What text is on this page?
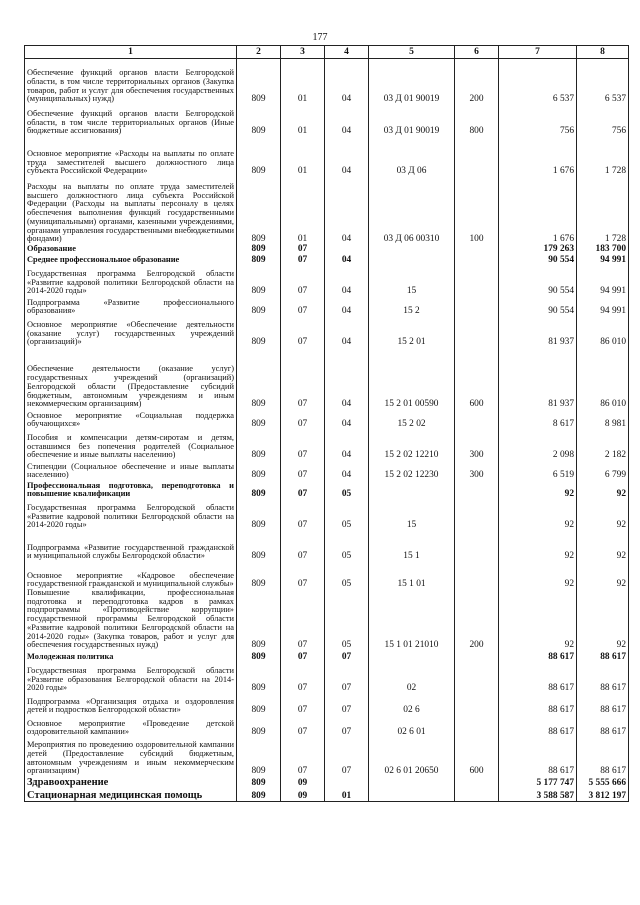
177
1	2	3	4	5	6	7	8
Обеспечение функций органов власти Белгородской области, в том числе территориальных органов (Закупка товаров, работ и услуг для обеспечения государственных (муниципальных) нужд)	809	01	04	03 Д 01 90019	200	6 537	6 537
Обеспечение функций органов власти Белгородской области, в том числе территориальных органов (Иные бюджетные ассигнования)	809	01	04	03 Д 01 90019	800	756	756
Основное мероприятие «Расходы на выплаты по оплате труда заместителей высшего должностного лица субъекта Российской Федерации»	809	01	04	03 Д 06		1 676	1 728
Расходы на выплаты по оплате труда заместителей высшего должностного лица субъекта Российской Федерации (Расходы на выплаты персоналу в целях обеспечения выполнения функций государственными (муниципальными) органами, казенными учреждениями, органами управления государственными внебюджетными фондами)	809	01	04	03 Д 06 00310	100	1 676	1 728
Образование	809	07				179 263	183 700
Среднее профессиональное образование	809	07	04			90 554	94 991
Государственная программа Белгородской области «Развитие кадровой политики Белгородской области на 2014-2020 годы»	809	07	04	15		90 554	94 991
Подпрограмма «Развитие профессионального образования»	809	07	04	15 2		90 554	94 991
Основное мероприятие «Обеспечение деятельности (оказание услуг) государственных учреждений (организаций)»	809	07	04	15 2 01		81 937	86 010
Обеспечение деятельности (оказание услуг) государственных учреждений (организаций) Белгородской области (Предоставление субсидий бюджетным, автономным учреждениям и иным некоммерческим организациям)	809	07	04	15 2 01 00590	600	81 937	86 010
Основное мероприятие «Социальная поддержка обучающихся»	809	07	04	15 2 02		8 617	8 981
Пособия и компенсации детям-сиротам и детям, оставшимся без попечения родителей (Социальное обеспечение и иные выплаты населению)	809	07	04	15 2 02 12210	300	2 098	2 182
Стипендии (Социальное обеспечение и иные выплаты населению)	809	07	04	15 2 02 12230	300	6 519	6 799
Профессиональная подготовка, переподготовка и повышение квалификации	809	07	05			92	92
Государственная программа Белгородской области «Развитие кадровой политики Белгородской области на 2014-2020 годы»	809	07	05	15		92	92
Подпрограмма «Развитие государственной гражданской и муниципальной службы Белгородской области»	809	07	05	15 1		92	92
Основное мероприятие «Кадровое обеспечение государственной гражданской и муниципальной службы»	809	07	05	15 1 01		92	92
Повышение квалификации, профессиональная подготовка и переподготовка кадров в рамках подпрограммы «Противодействие коррупции» государственной программы Белгородской области «Развитие кадровой политики Белгородской области на 2014-2020 годы» (Закупка товаров, работ и услуг для обеспечения государственных нужд)	809	07	05	15 1 01 21010	200	92	92
Молодежная политика	809	07	07			88 617	88 617
Государственная программа Белгородской области «Развитие образования Белгородской области на 2014-2020 годы»	809	07	07	02		88 617	88 617
Подпрограмма «Организация отдыха и оздоровления детей и подростков Белгородской области»	809	07	07	02 6		88 617	88 617
Основное мероприятие «Проведение детской оздоровительной кампании»	809	07	07	02 6 01		88 617	88 617
Мероприятия по проведению оздоровительной кампании детей (Предоставление субсидий бюджетным, автономным учреждениям и иным некоммерческим организациям)	809	07	07	02 6 01 20650	600	88 617	88 617
Здравоохранение	809	09				5 177 747	5 555 666
Стационарная медицинская помощь	809	09	01			3 588 587	3 812 197
